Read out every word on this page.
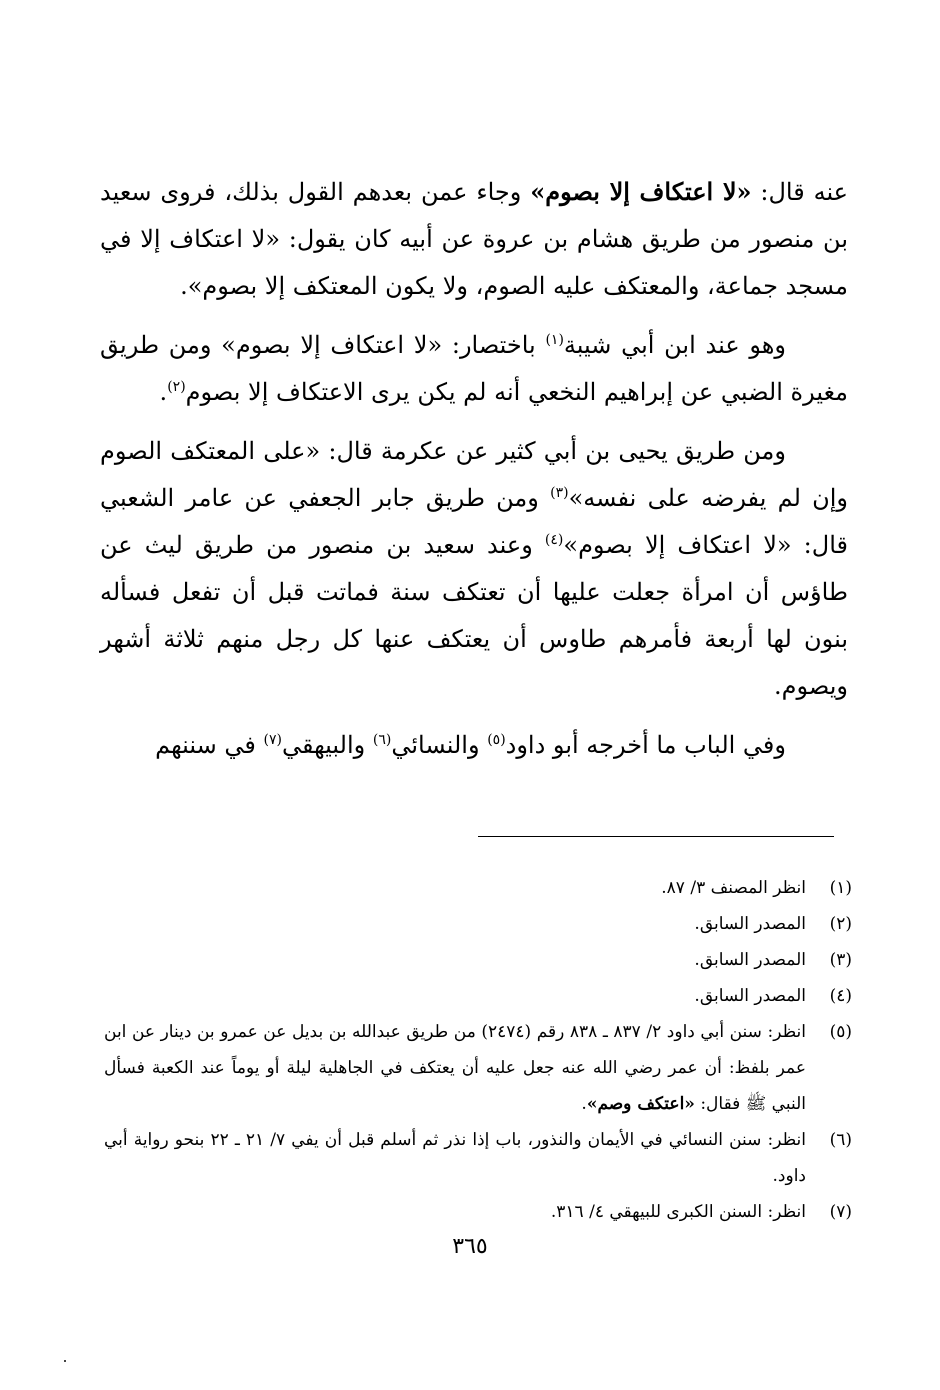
عنه قال: «لا اعتكاف إلا بصوم» وجاء عمن بعدهم القول بذلك، فروى سعيد بن منصور من طريق هشام بن عروة عن أبيه كان يقول: «لا اعتكاف إلا في مسجد جماعة، والمعتكف عليه الصوم، ولا يكون المعتكف إلا بصوم».

وهو عند ابن أبي شيبة$^{(١)}$ باختصار: «لا اعتكاف إلا بصوم» ومن طريق مغيرة الضبي عن إبراهيم النخعي أنه لم يكن يرى الاعتكاف إلا بصوم$^{(٢)}$.

ومن طريق يحيى بن أبي كثير عن عكرمة قال: «على المعتكف الصوم وإن لم يفرضه على نفسه»$^{(٣)}$ ومن طريق جابر الجعفي عن عامر الشعبي قال: «لا اعتكاف إلا بصوم»$^{(٤)}$ وعند سعيد بن منصور من طريق ليث عن طاؤس أن امرأة جعلت عليها أن تعتكف سنة فماتت قبل أن تفعل فسأله بنون لها أربعة فأمرهم طاوس أن يعتكف عنها كل رجل منهم ثلاثة أشهر ويصوم.

وفي الباب ما أخرجه أبو داود$^{(٥)}$ والنسائي$^{(٦)}$ والبيهقي$^{(٧)}$ في سننهم

(١)
انظر المصنف ٣/ ٨٧.
(٢)
المصدر السابق.
(٣)
المصدر السابق.
(٤)
المصدر السابق.
(٥)
انظر: سنن أبي داود ٢/ ٨٣٧ ـ ٨٣٨ رقم (٢٤٧٤) من طريق عبدالله بن بديل عن عمرو بن دينار عن ابن عمر بلفظ: أن عمر رضي الله عنه جعل عليه أن يعتكف في الجاهلية ليلة أو يوماً عند الكعبة فسأل النبي ﷺ فقال: «اعتكف وصم».
(٦)
انظر: سنن النسائي في الأيمان والنذور، باب إذا نذر ثم أسلم قبل أن يفي ٧/ ٢١ ـ ٢٢ بنحو رواية أبي داود.
(٧)
انظر: السنن الكبرى للبيهقي ٤/ ٣١٦.
٣٦٥
